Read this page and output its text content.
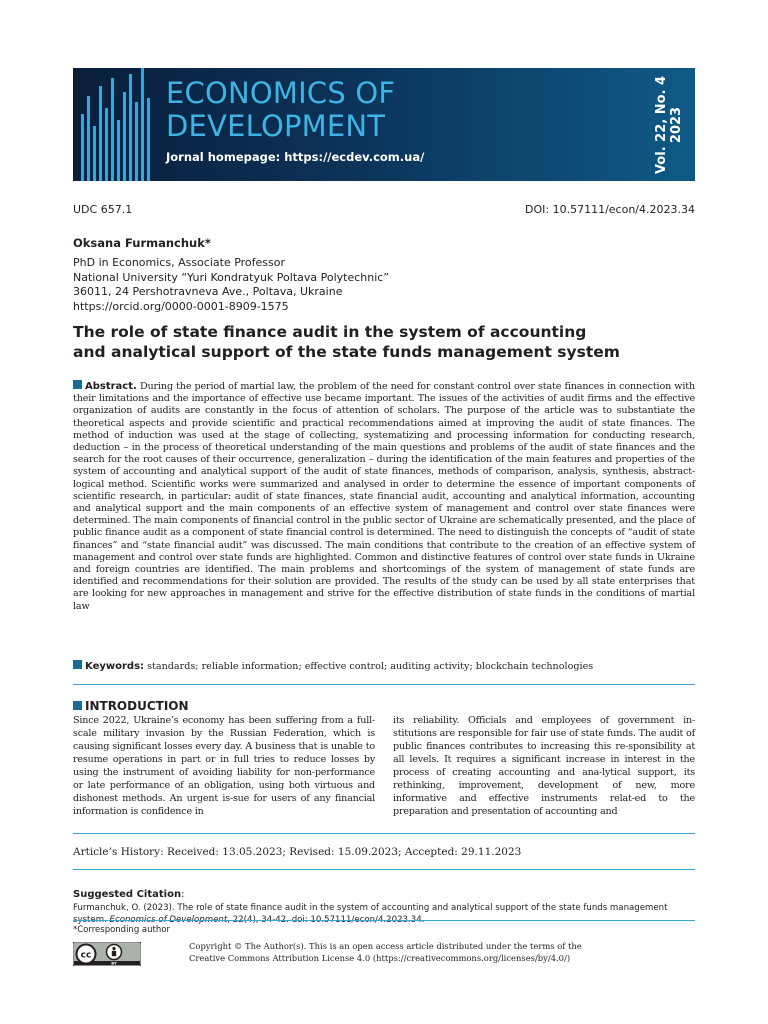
ECONOMICS OF
DEVELOPMENT
Jornal homepage: https://ecdev.com.ua/	Vol. 22, No. 4 2023
UDC 657.1	DOI: 10.57111/econ/4.2023.34
Oksana Furmanchuk*
PhD in Economics, Associate Professor
National University “Yuri Kondratyuk Poltava Polytechnic”
36011, 24 Pershotravneva Ave., Poltava, Ukraine
https://orcid.org/0000-0001-8909-1575
The role of state finance audit in the system of accounting
and analytical support of the state funds management system
Abstract. During the period of martial law, the problem of the need for constant control over state finances in connection with their limitations and the importance of effective use became important. The issues of the activities of audit firms and the effective organization of audits are constantly in the focus of attention of scholars. The purpose of the article was to substantiate the theoretical aspects and provide scientific and practical recommendations aimed at improving the audit of state finances. The method of induction was used at the stage of collecting, systematizing and processing information for conducting research, deduction – in the process of theoretical understanding of the main questions and problems of the audit of state finances and the search for the root causes of their occurrence, generalization – during the identification of the main features and properties of the system of accounting and analytical support of the audit of state finances, methods of comparison, analysis, synthesis, abstract-logical method. Scientific works were summarized and analysed in order to determine the essence of important components of scientific research, in particular: audit of state finances, state financial audit, accounting and analytical information, accounting and analytical support and the main components of an effective system of management and control over state finances were determined. The main components of financial control in the public sector of Ukraine are schematically presented, and the place of public finance audit as a component of state financial control is determined. The need to distinguish the concepts of “audit of state finances” and “state financial audit” was discussed. The main conditions that contribute to the creation of an effective system of management and control over state funds are highlighted. Common and distinctive features of control over state funds in Ukraine and foreign countries are identified. The main problems and shortcomings of the system of management of state funds are identified and recommendations for their solution are provided. The results of the study can be used by all state enterprises that are looking for new approaches in management and strive for the effective distribution of state funds in the conditions of martial law
Keywords: standards; reliable information; effective control; auditing activity; blockchain technologies
INTRODUCTION
Since 2022, Ukraine’s economy has been suffering from a full-scale military invasion by the Russian Federation, which is causing significant losses every day. A business that is unable to resume operations in part or in full tries to reduce losses by using the instrument of avoiding liability for non-performance or late performance of an obligation, using both virtuous and dishonest methods. An urgent is-sue for users of any financial information is confidence in
its reliability. Officials and employees of government in-stitutions are responsible for fair use of state funds. The audit of public finances contributes to increasing this re-sponsibility at all levels. It requires a significant increase in interest in the process of creating accounting and ana-lytical support, its rethinking, improvement, development of new, more informative and effective instruments relat-ed to the preparation and presentation of accounting and
Article’s History: Received: 13.05.2023; Revised: 15.09.2023; Accepted: 29.11.2023
Suggested Citation:
Furmanchuk, O. (2023). The role of state finance audit in the system of accounting and analytical support of the state funds management
*Corresponding author
cc
BY
Copyright © The Author(s). This is an open access article distributed under the terms of the
Creative Commons Attribution License 4.0 (https://creativecommons.org/licenses/by/4.0/)
